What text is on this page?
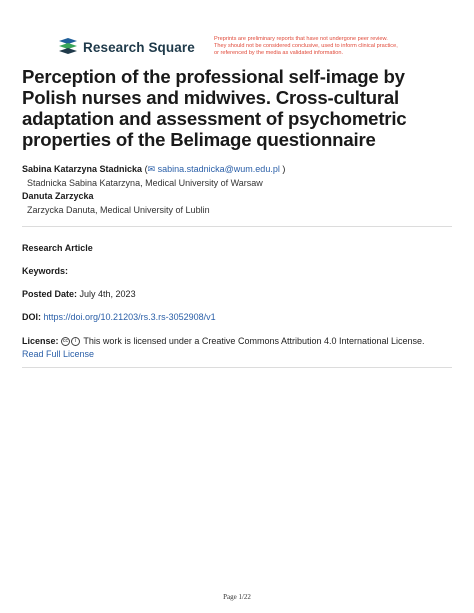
Research Square
Preprints are preliminary reports that have not undergone peer review.
They should not be considered conclusive, used to inform clinical practice,
or referenced by the media as validated information.
Perception of the professional self-image by Polish nurses and midwives. Cross-cultural adaptation and assessment of psychometric properties of the Belimage questionnaire
Sabina Katarzyna Stadnicka (✉ sabina.stadnicka@wum.edu.pl )
Stadnicka Sabina Katarzyna, Medical University of Warsaw
Danuta Zarzycka
Zarzycka Danuta, Medical University of Lublin
Research Article
Keywords:
Posted Date: July 4th, 2023
DOI: https://doi.org/10.21203/rs.3.rs-3052908/v1
License: cc i This work is licensed under a Creative Commons Attribution 4.0 International License.
Read Full License
Page 1/22
